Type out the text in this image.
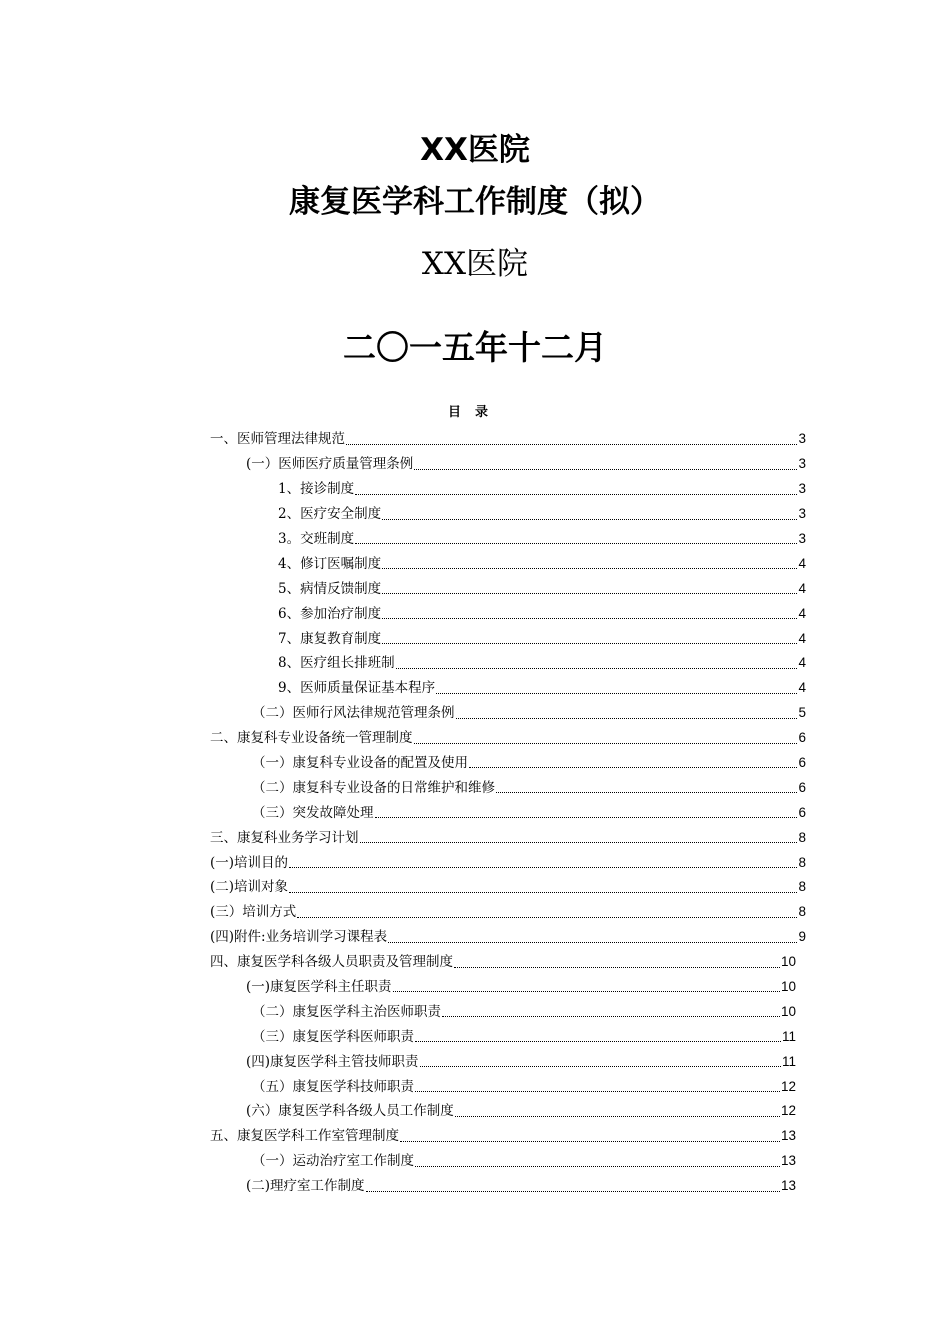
XX医院
康复医学科工作制度（拟）
XX医院
二〇一五年十二月
目录
一、医师管理法律规范	3
(一）医师医疗质量管理条例	3
1、接诊制度	3
2、医疗安全制度	3
3。交班制度	3
4、修订医嘱制度	4
5、病情反馈制度	4
6、参加治疗制度	4
7、康复教育制度	4
8、医疗组长排班制	4
9、医师质量保证基本程序	4
（二）医师行风法律规范管理条例	5
二、康复科专业设备统一管理制度	6
（一）康复科专业设备的配置及使用	6
（二）康复科专业设备的日常维护和维修	6
（三）突发故障处理	6
三、康复科业务学习计划	8
(一)培训目的	8
(二)培训对象	8
(三）培训方式	8
(四)附件:业务培训学习课程表	9
四、康复医学科各级人员职责及管理制度	10
(一)康复医学科主任职责	10
（二）康复医学科主治医师职责	10
（三）康复医学科医师职责	11
(四)康复医学科主管技师职责	11
（五）康复医学科技师职责	12
(六）康复医学科各级人员工作制度	12
五、康复医学科工作室管理制度	13
（一）运动治疗室工作制度	13
(二)理疗室工作制度	13
